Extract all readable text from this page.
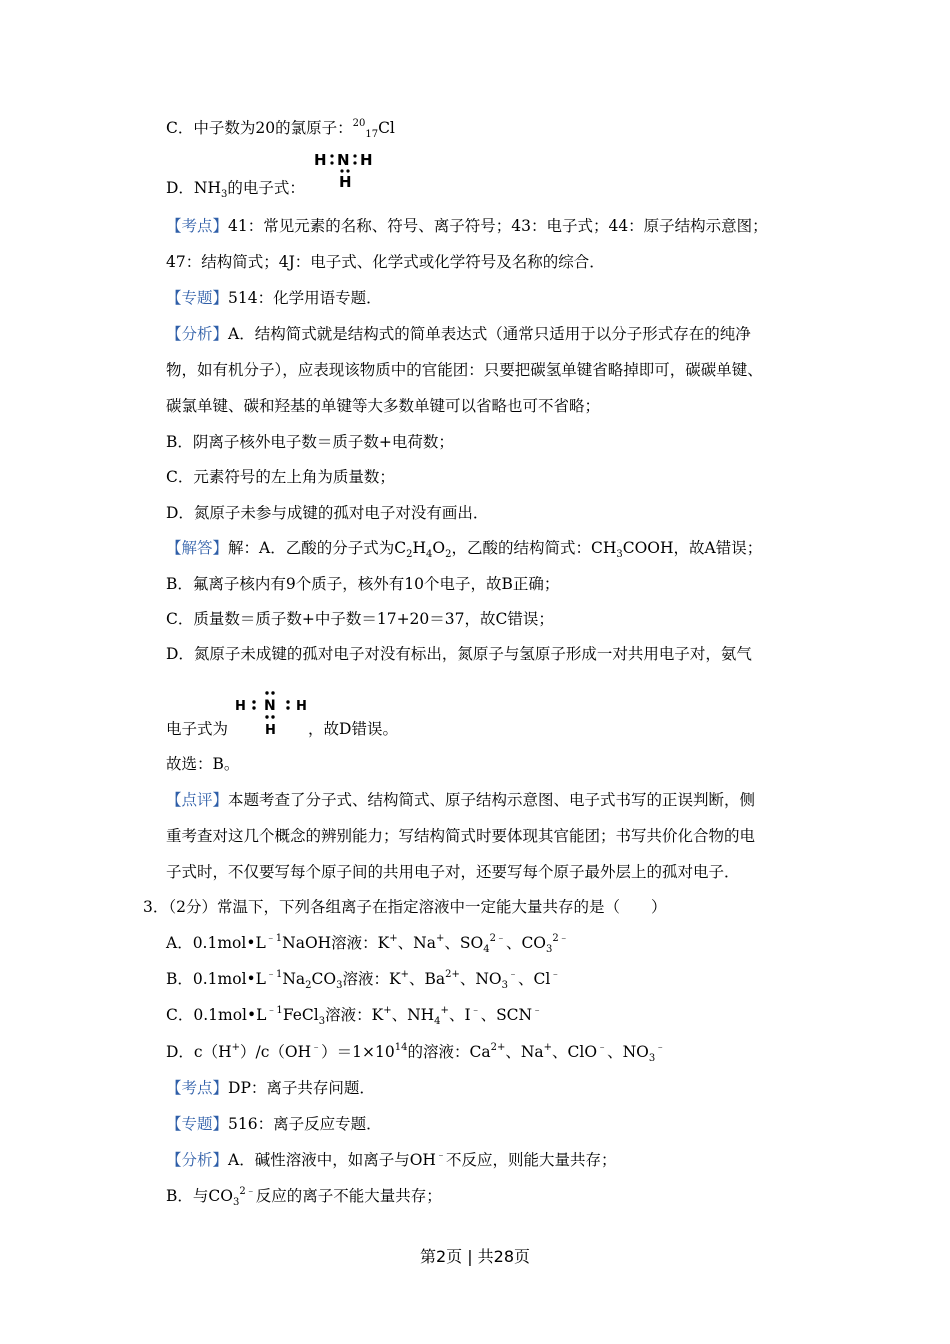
C．中子数为20的氯原子：$^{20}_{17}$Cl
H N H
H
D．$NH_3$的电子式：
【考点】41：常见元素的名称、符号、离子符号；43：电子式；44：原子结构示意图；
47：结构简式；4J：电子式、化学式或化学符号及名称的综合．
【专题】514：化学用语专题．
【分析】A．结构简式就是结构式的简单表达式（通常只适用于以分子形式存在的纯净
物，如有机分子），应表现该物质中的官能团：只要把碳氢单键省略掉即可，碳碳单键、
碳氯单键、碳和羟基的单键等大多数单键可以省略也可不省略；
B．阴离子核外电子数＝质子数+电荷数；
C．元素符号的左上角为质量数；
D．氮原子未参与成键的孤对电子对没有画出．
【解答】解：A．乙酸的分子式为$C_2H_4O_2$，乙酸的结构简式：$CH_3COOH$，故A错误；
B．氟离子核内有9个质子，核外有10个电子，故B正确；
C．质量数＝质子数+中子数＝17+20＝37，故C错误；
D．氮原子未成键的孤对电子对没有标出，氮原子与氢原子形成一对共用电子对，氨气
H N H
H
电子式为	，故D错误。
故选：B。
【点评】本题考查了分子式、结构简式、原子结构示意图、电子式书写的正误判断，侧
重考查对这几个概念的辨别能力；写结构简式时要体现其官能团；书写共价化合物的电
子式时，不仅要写每个原子间的共用电子对，还要写每个原子最外层上的孤对电子．
3．（2分）常温下，下列各组离子在指定溶液中一定能大量共存的是（　　）
A．$0.1mol•L^{﹣1}NaOH$溶液：K+、Na+、$SO_4^{2﹣}$、$CO_3^{2﹣}$
B．$0.1mol•L^{﹣1}Na_2CO_3$溶液：K+、$Ba^{2+}$、$NO_3^﹣$、Cl﹣
C．$0.1mol•L^{﹣1}FeCl_3$溶液：K+、$NH_4^+$、I﹣、SCN﹣
D．$c(H^+)/c(OH^﹣)=1\times 10^{14}$的溶液：$Ca^{2+}$、Na+、ClO﹣、$NO_3^﹣$
【考点】DP：离子共存问题．
【专题】516：离子反应专题．
【分析】A．碱性溶液中，如离子与OH﹣不反应，则能大量共存；
B．与$CO_3^{2﹣}$反应的离子不能大量共存；
第2页 | 共28页
